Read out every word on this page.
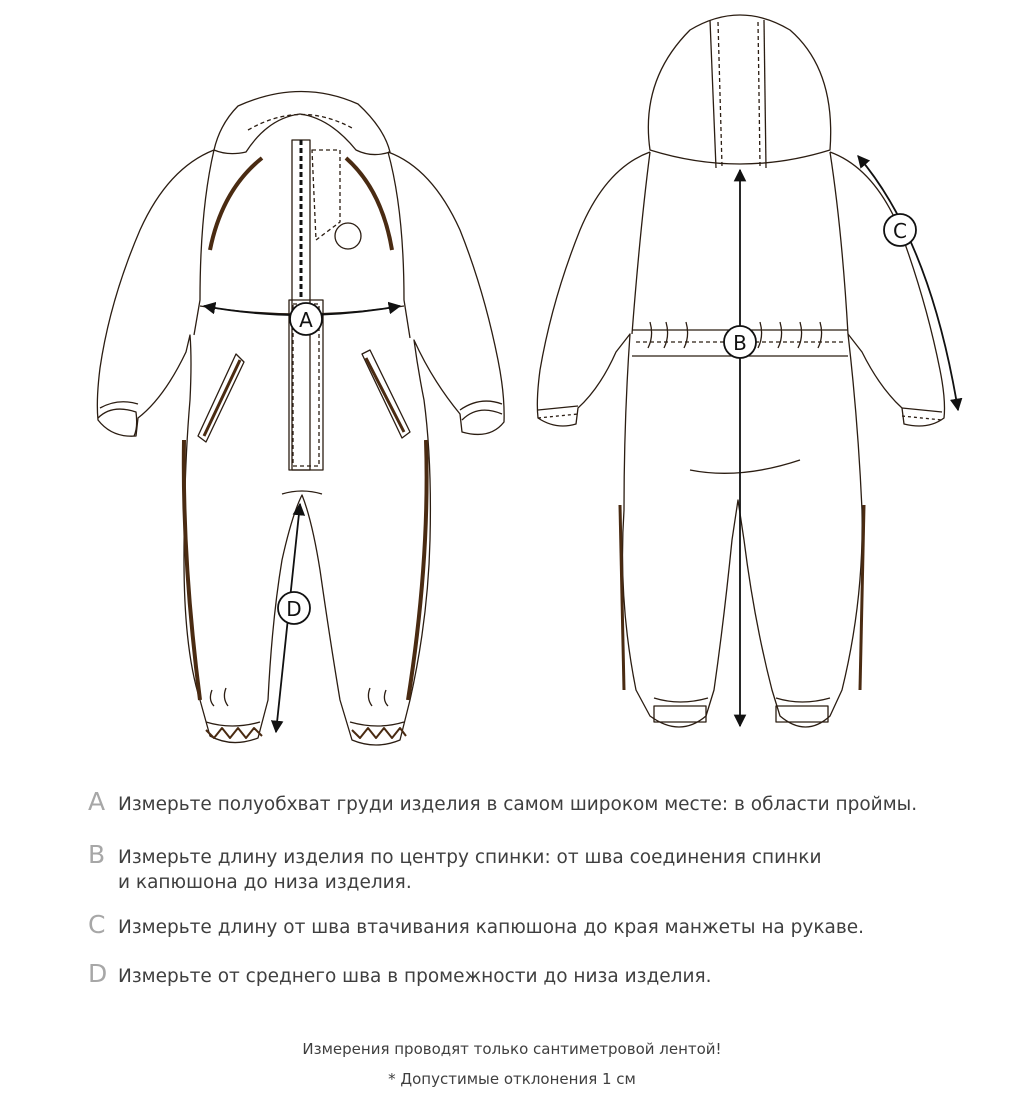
A
B
C
D
A Измерьте полуобхват груди изделия в самом широком месте: в области проймы.
B Измерьте длину изделия по центру спинки: от шва соединения спинки
и капюшона до низа изделия.
C Измерьте длину от шва втачивания капюшона до края манжеты на рукаве.
D Измерьте от среднего шва в промежности до низа изделия.
Измерения проводят только сантиметровой лентой!
* Допустимые отклонения 1 см
